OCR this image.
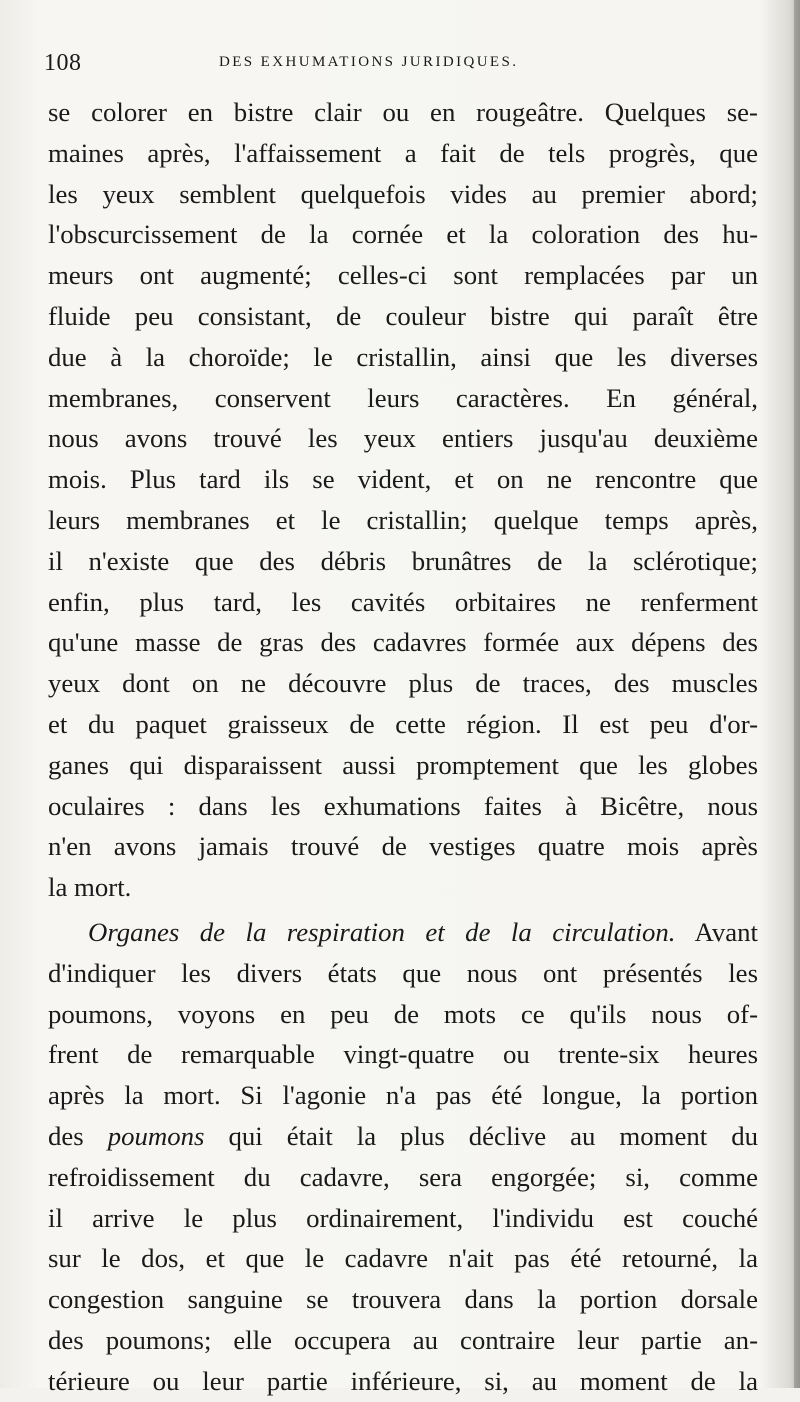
108	DES EXHUMATIONS JURIDIQUES.
se colorer en bistre clair ou en rougeâtre. Quelques se-
maines après, l'affaissement a fait de tels progrès, que
les yeux semblent quelquefois vides au premier abord;
l'obscurcissement de la cornée et la coloration des hu-
meurs ont augmenté; celles-ci sont remplacées par un
fluide peu consistant, de couleur bistre qui paraît être
due à la choroïde; le cristallin, ainsi que les diverses
membranes, conservent leurs caractères. En général,
nous avons trouvé les yeux entiers jusqu'au deuxième
mois. Plus tard ils se vident, et on ne rencontre que
leurs membranes et le cristallin; quelque temps après,
il n'existe que des débris brunâtres de la sclérotique;
enfin, plus tard, les cavités orbitaires ne renferment
qu'une masse de gras des cadavres formée aux dépens des
yeux dont on ne découvre plus de traces, des muscles
et du paquet graisseux de cette région. Il est peu d'or-
ganes qui disparaissent aussi promptement que les globes
oculaires : dans les exhumations faites à Bicêtre, nous
n'en avons jamais trouvé de vestiges quatre mois après
la mort.
Organes de la respiration et de la circulation. Avant
d'indiquer les divers états que nous ont présentés les
poumons, voyons en peu de mots ce qu'ils nous of-
frent de remarquable vingt-quatre ou trente-six heures
après la mort. Si l'agonie n'a pas été longue, la portion
des poumons qui était la plus déclive au moment du
refroidissement du cadavre, sera engorgée; si, comme
il arrive le plus ordinairement, l'individu est couché
sur le dos, et que le cadavre n'ait pas été retourné, la
congestion sanguine se trouvera dans la portion dorsale
des poumons; elle occupera au contraire leur partie an-
térieure ou leur partie inférieure, si, au moment de la
